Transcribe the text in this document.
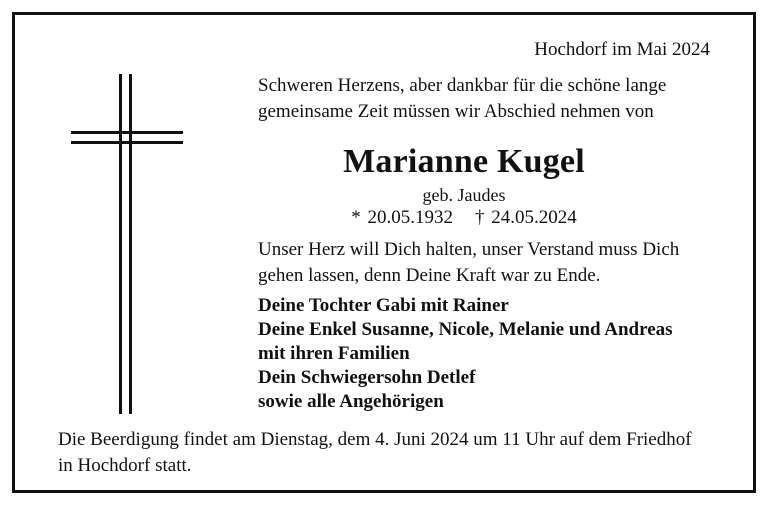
Hochdorf im Mai 2024
Schweren Herzens, aber dankbar für die schöne lange
gemeinsame Zeit müssen wir Abschied nehmen von
Marianne Kugel
geb. Jaudes
* 20.05.1932 † 24.05.2024
Unser Herz will Dich halten, unser Verstand muss Dich
gehen lassen, denn Deine Kraft war zu Ende.
Deine Tochter Gabi mit Rainer
Deine Enkel Susanne, Nicole, Melanie und Andreas
mit ihren Familien
Dein Schwiegersohn Detlef
sowie alle Angehörigen
Die Beerdigung findet am Dienstag, dem 4. Juni 2024 um 11 Uhr auf dem Friedhof
in Hochdorf statt.
